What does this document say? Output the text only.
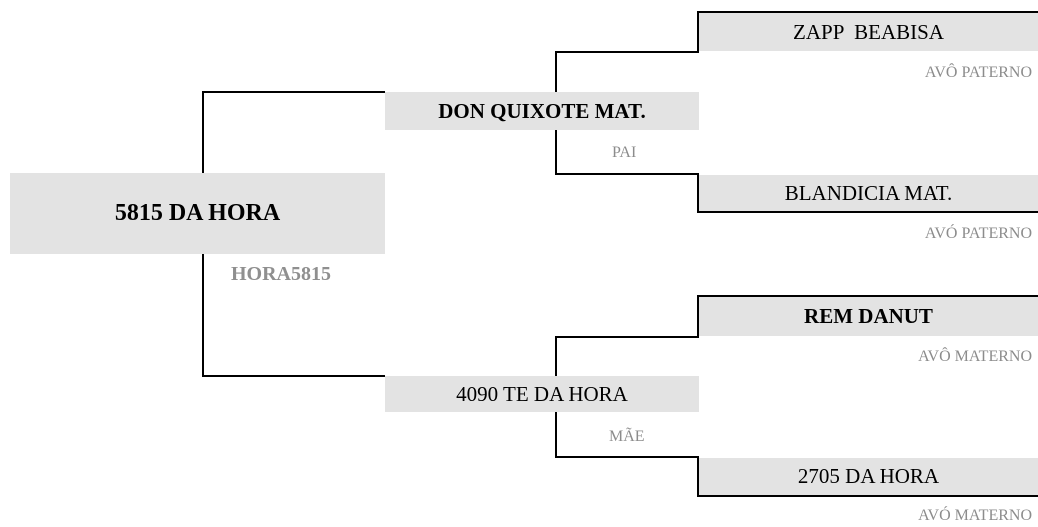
5815 DA HORA
HORA5815
DON QUIXOTE MAT.
PAI
4090 TE DA HORA
MÃE
ZAPP  BEABISA
AVÔ PATERNO
BLANDICIA MAT.
AVÓ PATERNO
REM DANUT
AVÔ MATERNO
2705 DA HORA
AVÓ MATERNO
